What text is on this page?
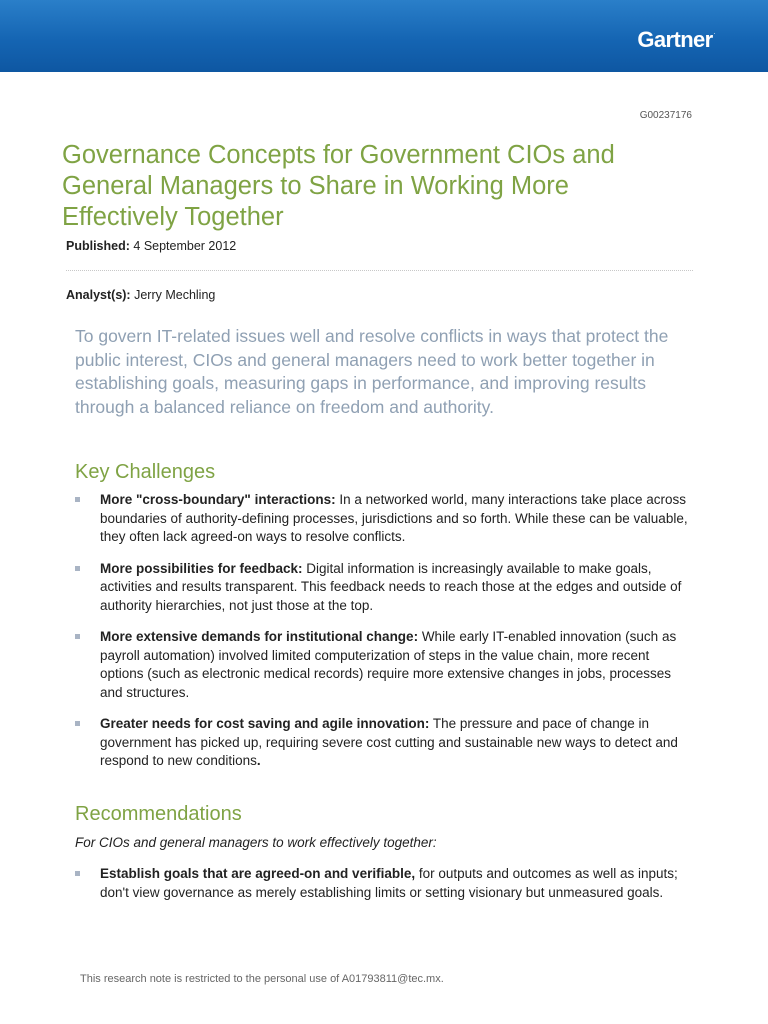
Gartner.
G00237176
Governance Concepts for Government CIOs and General Managers to Share in Working More Effectively Together
Published: 4 September 2012
Analyst(s): Jerry Mechling

To govern IT-related issues well and resolve conflicts in ways that protect the public interest, CIOs and general managers need to work better together in establishing goals, measuring gaps in performance, and improving results through a balanced reliance on freedom and authority.

Key Challenges
More "cross-boundary" interactions: In a networked world, many interactions take place across boundaries of authority-defining processes, jurisdictions and so forth. While these can be valuable, they often lack agreed-on ways to resolve conflicts.
More possibilities for feedback: Digital information is increasingly available to make goals, activities and results transparent. This feedback needs to reach those at the edges and outside of authority hierarchies, not just those at the top.
More extensive demands for institutional change: While early IT-enabled innovation (such as payroll automation) involved limited computerization of steps in the value chain, more recent options (such as electronic medical records) require more extensive changes in jobs, processes and structures.
Greater needs for cost saving and agile innovation: The pressure and pace of change in government has picked up, requiring severe cost cutting and sustainable new ways to detect and respond to new conditions.
Recommendations
For CIOs and general managers to work effectively together:
Establish goals that are agreed-on and verifiable, for outputs and outcomes as well as inputs; don't view governance as merely establishing limits or setting visionary but unmeasured goals.
This research note is restricted to the personal use of A01793811@tec.mx.
